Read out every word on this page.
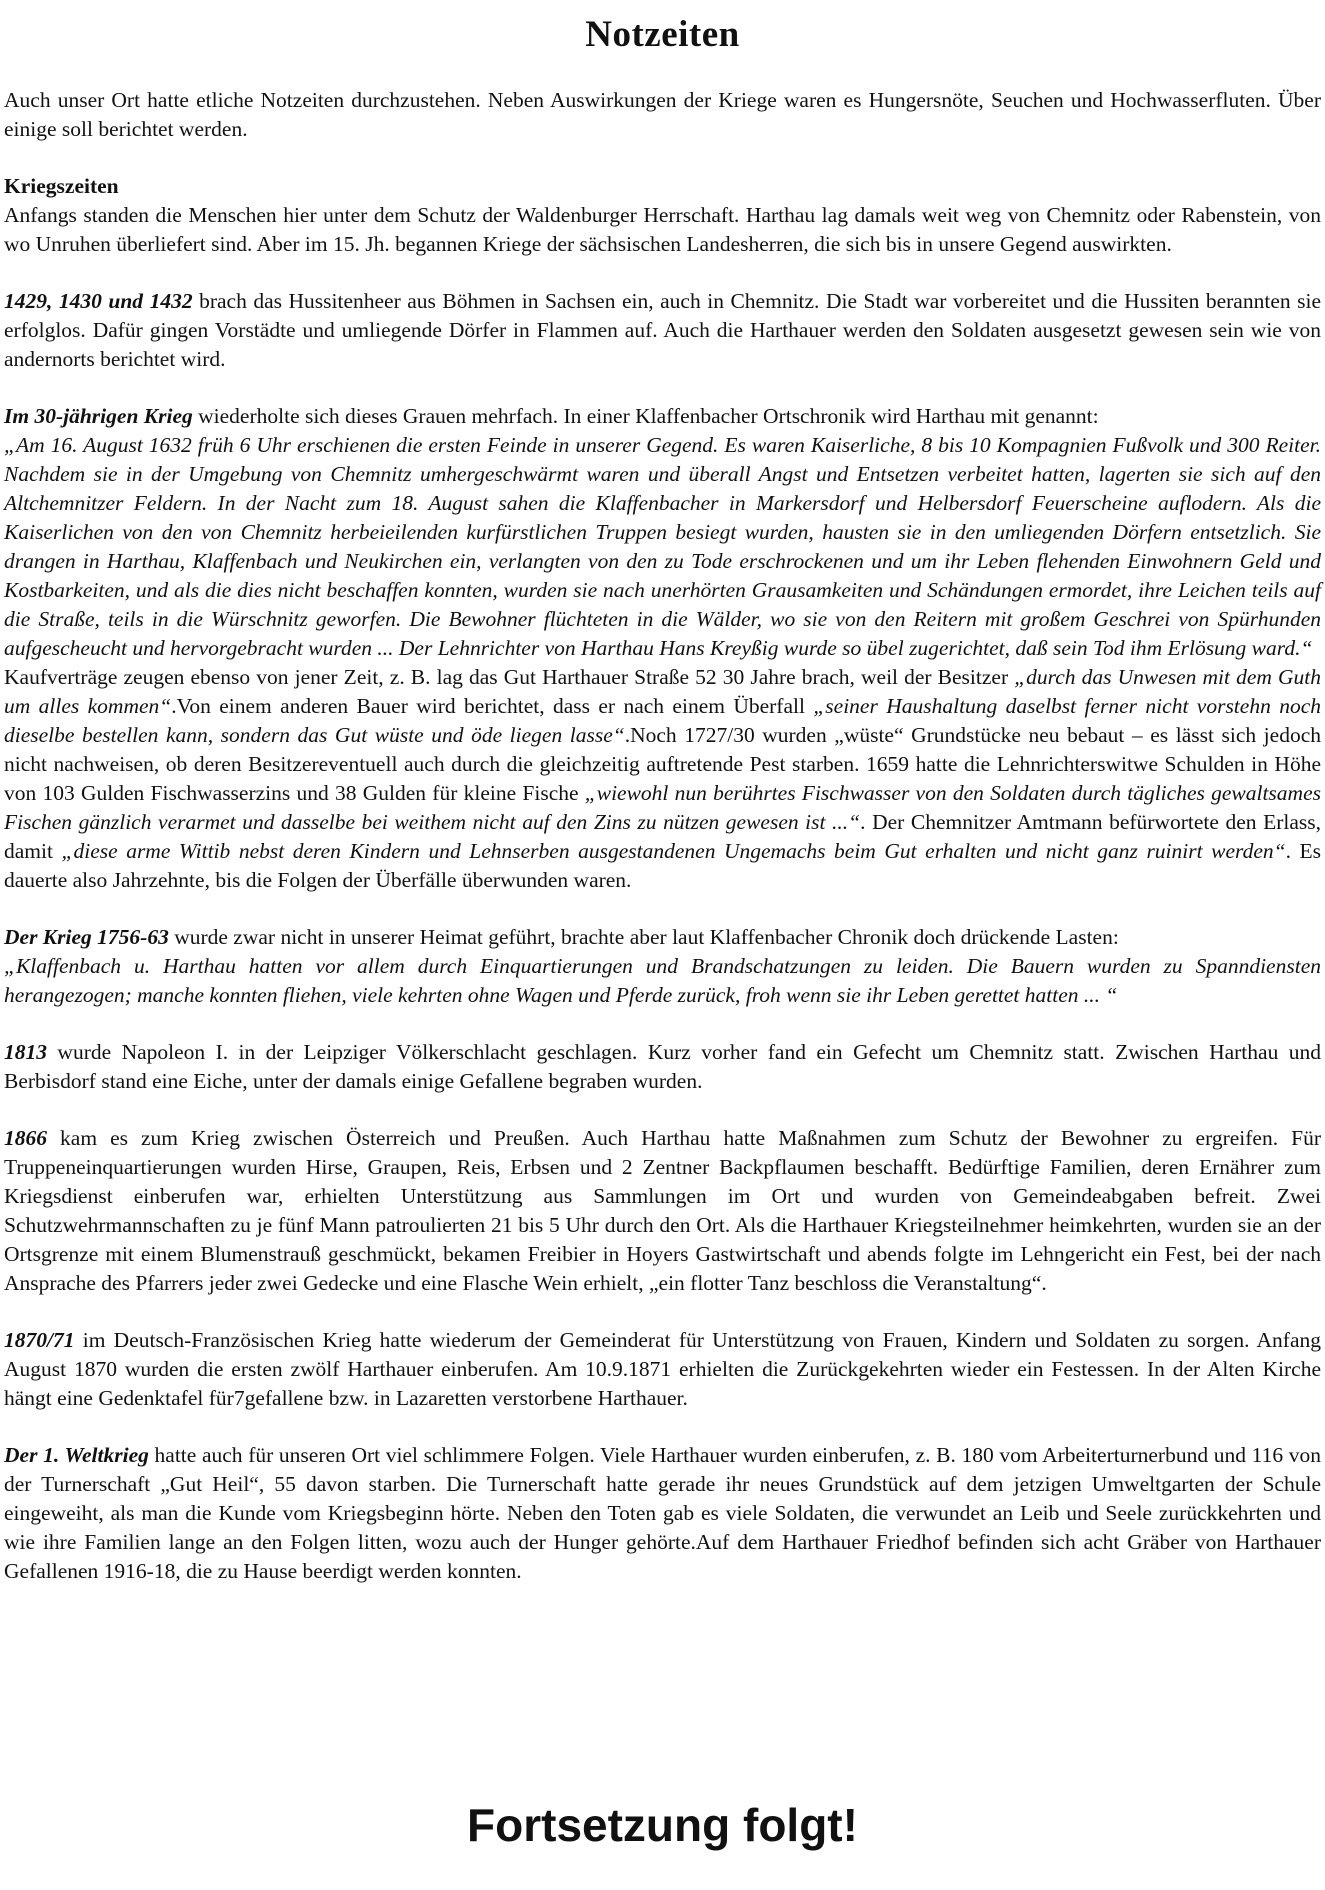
Notzeiten

Auch unser Ort hatte etliche Notzeiten durchzustehen. Neben Auswirkungen der Kriege waren es Hungersnöte, Seuchen und Hochwasserfluten. Über einige soll berichtet werden.

Kriegszeiten
Anfangs standen die Menschen hier unter dem Schutz der Waldenburger Herrschaft. Harthau lag damals weit weg von Chemnitz oder Rabenstein, von wo Unruhen überliefert sind. Aber im 15. Jh. begannen Kriege der sächsischen Landesherren, die sich bis in unsere Gegend auswirkten.

1429, 1430 und 1432 brach das Hussitenheer aus Böhmen in Sachsen ein, auch in Chemnitz. Die Stadt war vorbereitet und die Hussiten berannten sie erfolglos. Dafür gingen Vorstädte und umliegende Dörfer in Flammen auf. Auch die Harthauer werden den Soldaten ausgesetzt gewesen sein wie von andernorts berichtet wird.

Im 30-jährigen Krieg wiederholte sich dieses Grauen mehrfach. In einer Klaffenbacher Ortschronik wird Harthau mit genannt:

„Am 16. August 1632 früh 6 Uhr erschienen die ersten Feinde in unserer Gegend. Es waren Kaiserliche, 8 bis 10 Kompagnien Fußvolk und 300 Reiter. Nachdem sie in der Umgebung von Chemnitz umhergeschwärmt waren und überall Angst und Entsetzen verbeitet hatten, lagerten sie sich auf den Altchemnitzer Feldern. In der Nacht zum 18. August sahen die Klaffenbacher in Markersdorf und Helbersdorf Feuerscheine auflodern. Als die Kaiserlichen von den von Chemnitz herbeieilenden kurfürstlichen Truppen besiegt wurden, hausten sie in den umliegenden Dörfern entsetzlich. Sie drangen in Harthau, Klaffenbach und Neukirchen ein, verlangten von den zu Tode erschrockenen und um ihr Leben flehenden Einwohnern Geld und Kostbarkeiten, und als die dies nicht beschaffen konnten, wurden sie nach unerhörten Grausamkeiten und Schändungen ermordet, ihre Leichen teils auf die Straße, teils in die Würschnitz geworfen. Die Bewohner flüchteten in die Wälder, wo sie von den Reitern mit großem Geschrei von Spürhunden aufgescheucht und hervorgebracht wurden ... Der Lehnrichter von Harthau Hans Kreyßig wurde so übel zugerichtet, daß sein Tod ihm Erlösung ward.“

Kaufverträge zeugen ebenso von jener Zeit, z. B. lag das Gut Harthauer Straße 52 30 Jahre brach, weil der Besitzer „durch das Unwesen mit dem Guth um alles kommen“.Von einem anderen Bauer wird berichtet, dass er nach einem Überfall „seiner Haushaltung daselbst ferner nicht vorstehn noch dieselbe bestellen kann, sondern das Gut wüste und öde liegen lasse“.Noch 1727/30 wurden „wüste“ Grundstücke neu bebaut – es lässt sich jedoch nicht nachweisen, ob deren Besitzereventuell auch durch die gleichzeitig auftretende Pest starben. 1659 hatte die Lehnrichterswitwe Schulden in Höhe von 103 Gulden Fischwasserzins und 38 Gulden für kleine Fische „wiewohl nun berührtes Fischwasser von den Soldaten durch tägliches gewaltsames Fischen gänzlich verarmet und dasselbe bei weithem nicht auf den Zins zu nützen gewesen ist ...“. Der Chemnitzer Amtmann befürwortete den Erlass, damit „diese arme Wittib nebst deren Kindern und Lehnserben ausgestandenen Ungemachs beim Gut erhalten und nicht ganz ruinirt werden“. Es dauerte also Jahrzehnte, bis die Folgen der Überfälle überwunden waren.

Der Krieg 1756-63 wurde zwar nicht in unserer Heimat geführt, brachte aber laut Klaffenbacher Chronik doch drückende Lasten:

„Klaffenbach u. Harthau hatten vor allem durch Einquartierungen und Brandschatzungen zu leiden. Die Bauern wurden zu Spanndiensten herangezogen; manche konnten fliehen, viele kehrten ohne Wagen und Pferde zurück, froh wenn sie ihr Leben gerettet hatten ... “

1813 wurde Napoleon I. in der Leipziger Völkerschlacht geschlagen. Kurz vorher fand ein Gefecht um Chemnitz statt. Zwischen Harthau und Berbisdorf stand eine Eiche, unter der damals einige Gefallene begraben wurden.

1866 kam es zum Krieg zwischen Österreich und Preußen. Auch Harthau hatte Maßnahmen zum Schutz der Bewohner zu ergreifen. Für Truppeneinquartierungen wurden Hirse, Graupen, Reis, Erbsen und 2 Zentner Backpflaumen beschafft. Bedürftige Familien, deren Ernährer zum Kriegsdienst einberufen war, erhielten Unterstützung aus Sammlungen im Ort und wurden von Gemeindeabgaben befreit. Zwei Schutzwehrmannschaften zu je fünf Mann patroulierten 21 bis 5 Uhr durch den Ort. Als die Harthauer Kriegsteilnehmer heimkehrten, wurden sie an der Ortsgrenze mit einem Blumenstrauß geschmückt, bekamen Freibier in Hoyers Gastwirtschaft und abends folgte im Lehngericht ein Fest, bei der nach Ansprache des Pfarrers jeder zwei Gedecke und eine Flasche Wein erhielt, „ein flotter Tanz beschloss die Veranstaltung“.

1870/71 im Deutsch-Französischen Krieg hatte wiederum der Gemeinderat für Unterstützung von Frauen, Kindern und Soldaten zu sorgen. Anfang August 1870 wurden die ersten zwölf Harthauer einberufen. Am 10.9.1871 erhielten die Zurückgekehrten wieder ein Festessen. In der Alten Kirche hängt eine Gedenktafel für7gefallene bzw. in Lazaretten verstorbene Harthauer.

Der 1. Weltkrieg hatte auch für unseren Ort viel schlimmere Folgen. Viele Harthauer wurden einberufen, z. B. 180 vom Arbeiterturnerbund und 116 von der Turnerschaft „Gut Heil“, 55 davon starben. Die Turnerschaft hatte gerade ihr neues Grundstück auf dem jetzigen Umweltgarten der Schule eingeweiht, als man die Kunde vom Kriegsbeginn hörte. Neben den Toten gab es viele Soldaten, die verwundet an Leib und Seele zurückkehrten und wie ihre Familien lange an den Folgen litten, wozu auch der Hunger gehörte.Auf dem Harthauer Friedhof befinden sich acht Gräber von Harthauer Gefallenen 1916-18, die zu Hause beerdigt werden konnten.

Fortsetzung folgt!
